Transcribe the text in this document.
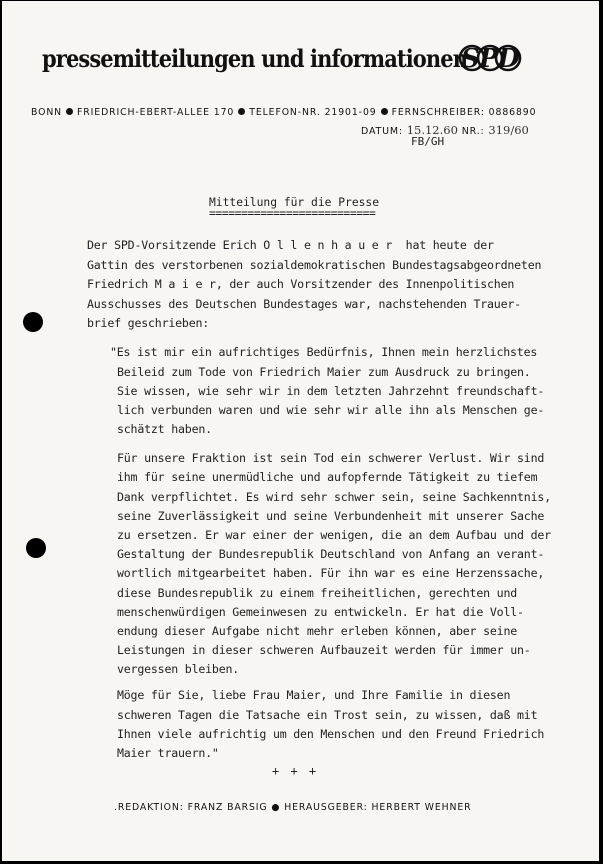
pressemitteilungen und informationen
SPD
BONN FRIEDRICH-EBERT-ALLEE 170 TELEFON-NR. 21901-09 FERNSCHREIBER: 0886890
DATUM: 15.12.60 NR.: 319/60
FB/GH
Mitteilung für die Presse
==========================
Der SPD-Vorsitzende Erich O l l e n h a u e r  hat heute der
Gattin des verstorbenen sozialdemokratischen Bundestagsabgeordneten
Friedrich M a i e r, der auch Vorsitzender des Innenpolitischen
Ausschusses des Deutschen Bundestages war, nachstehenden Trauer-
brief geschrieben:
"Es ist mir ein aufrichtiges Bedürfnis, Ihnen mein herzlichstes
Beileid zum Tode von Friedrich Maier zum Ausdruck zu bringen.
Sie wissen, wie sehr wir in dem letzten Jahrzehnt freundschaft-
lich verbunden waren und wie sehr wir alle ihn als Menschen ge-
schätzt haben.
Für unsere Fraktion ist sein Tod ein schwerer Verlust. Wir sind
ihm für seine unermüdliche und aufopfernde Tätigkeit zu tiefem
Dank verpflichtet. Es wird sehr schwer sein, seine Sachkenntnis,
seine Zuverlässigkeit und seine Verbundenheit mit unserer Sache
zu ersetzen. Er war einer der wenigen, die an dem Aufbau und der
Gestaltung der Bundesrepublik Deutschland von Anfang an verant-
wortlich mitgearbeitet haben. Für ihn war es eine Herzenssache,
diese Bundesrepublik zu einem freiheitlichen, gerechten und
menschenwürdigen Gemeinwesen zu entwickeln. Er hat die Voll-
endung dieser Aufgabe nicht mehr erleben können, aber seine
Leistungen in dieser schweren Aufbauzeit werden für immer un-
vergessen bleiben.
Möge für Sie, liebe Frau Maier, und Ihre Familie in diesen
schweren Tagen die Tatsache ein Trost sein, zu wissen, daß mit
Ihnen viele aufrichtig um den Menschen und den Freund Friedrich
Maier trauern."
+ + +
.REDAKTION: FRANZ BARSIG ● HERAUSGEBER: HERBERT WEHNER
